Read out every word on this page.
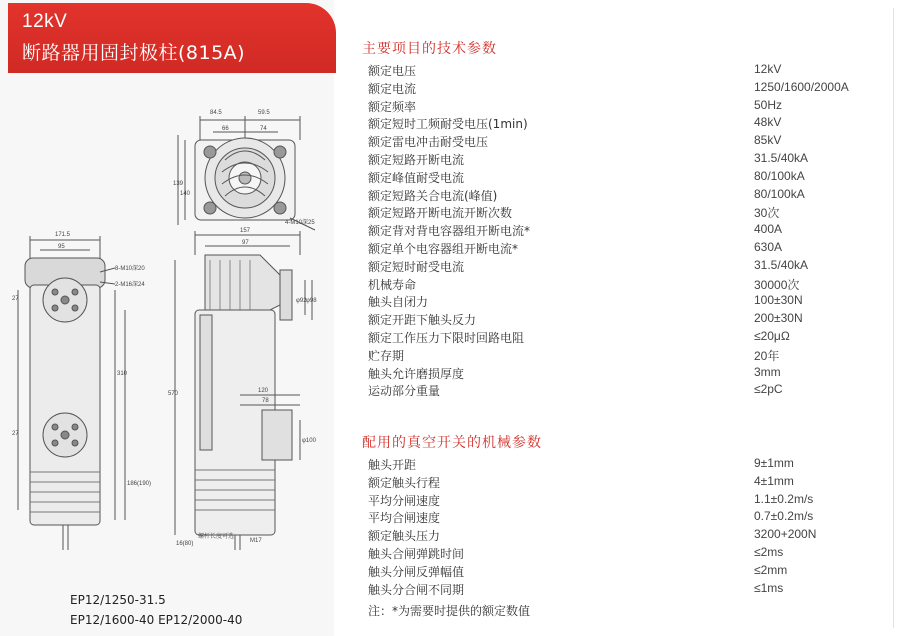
12kV
断路器用固封极柱(815A)
84.5	59.5
66	74
139
140
4-M10深25
171.5
95
8-M10深20
2-M16深24
157
97
φ92 φ98
310
27
27
570	120
78
φ100
186(190)
16(80)	M17
螺杆长度可选
EP12/1250-31.5
EP12/1600-40 EP12/2000-40
主要项目的技术参数
额定电压	12kV
额定电流	1250/1600/2000A
额定频率	50Hz
额定短时工频耐受电压(1min)	48kV
额定雷电冲击耐受电压	85kV
额定短路开断电流	31.5/40kA
额定峰值耐受电流	80/100kA
额定短路关合电流(峰值)	80/100kA
额定短路开断电流开断次数	30次
额定背对背电容器组开断电流*	400A
额定单个电容器组开断电流*	630A
额定短时耐受电流	31.5/40kA
机械寿命	30000次
触头自闭力	100±30N
额定开距下触头反力	200±30N
额定工作压力下限时回路电阻	≤20μΩ
贮存期	20年
触头允许磨损厚度	3mm
运动部分重量	≤2pC
配用的真空开关的机械参数
触头开距	9±1mm
额定触头行程	4±1mm
平均分闸速度	1.1±0.2m/s
平均合闸速度	0.7±0.2m/s
额定触头压力	3200+200N
触头合闸弹跳时间	≤2ms
触头分闸反弹幅值	≤2mm
触头分合闸不同期	≤1ms
注：*为需要时提供的额定数值
